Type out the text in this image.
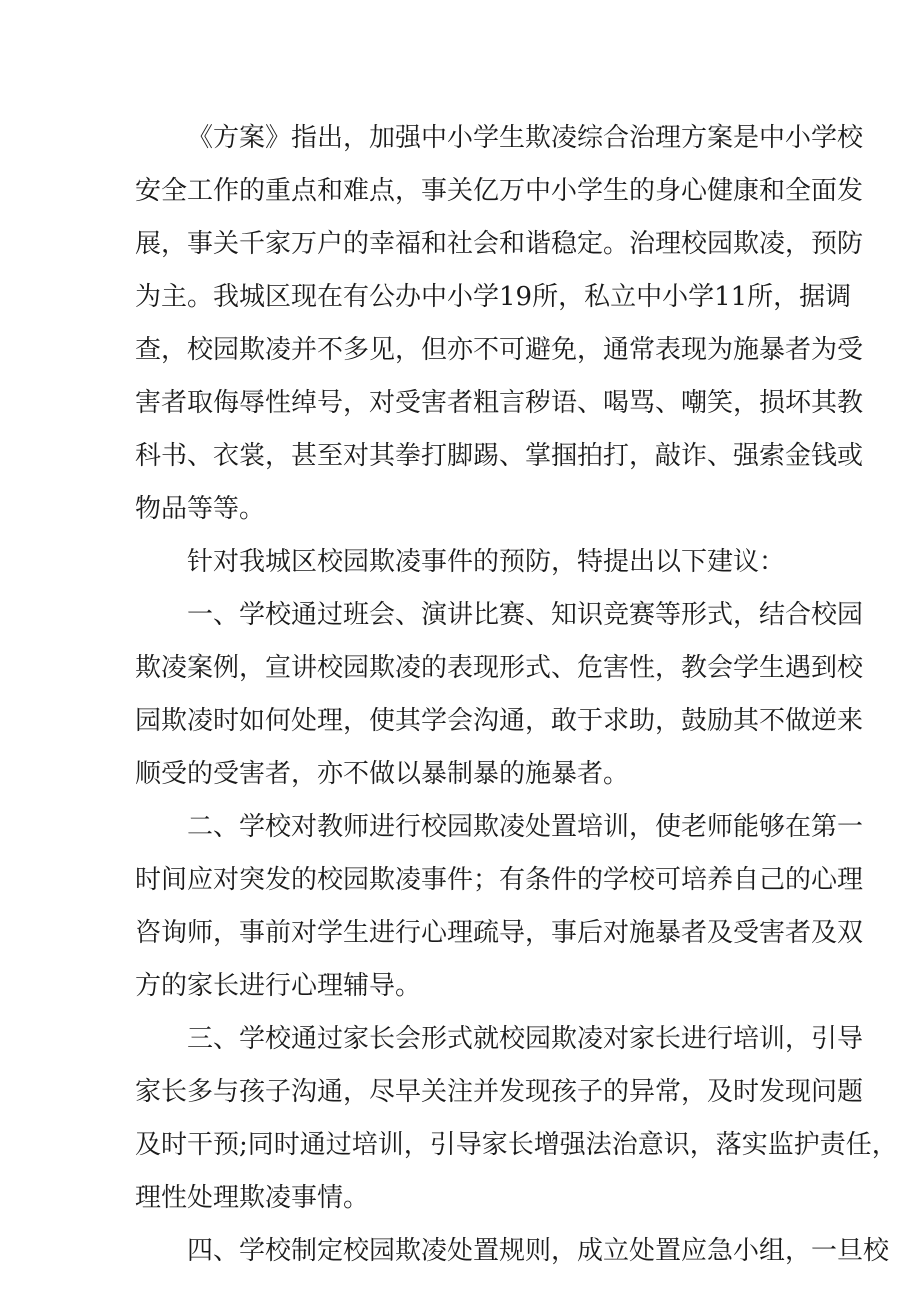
《方案》指出，加强中小学生欺凌综合治理方案是中小学校
安全工作的重点和难点，事关亿万中小学生的身心健康和全面发
展，事关千家万户的幸福和社会和谐稳定。治理校园欺凌，预防
为主。我城区现在有公办中小学19所，私立中小学11所，据调
查，校园欺凌并不多见，但亦不可避免，通常表现为施暴者为受
害者取侮辱性绰号，对受害者粗言秽语、喝骂、嘲笑，损坏其教
科书、衣裳，甚至对其拳打脚踢、掌掴拍打，敲诈、强索金钱或
物品等等。
针对我城区校园欺凌事件的预防，特提出以下建议：
一、学校通过班会、演讲比赛、知识竞赛等形式，结合校园
欺凌案例，宣讲校园欺凌的表现形式、危害性，教会学生遇到校
园欺凌时如何处理，使其学会沟通，敢于求助，鼓励其不做逆来
顺受的受害者，亦不做以暴制暴的施暴者。
二、学校对教师进行校园欺凌处置培训，使老师能够在第一
时间应对突发的校园欺凌事件；有条件的学校可培养自己的心理
咨询师，事前对学生进行心理疏导，事后对施暴者及受害者及双
方的家长进行心理辅导。
三、学校通过家长会形式就校园欺凌对家长进行培训，引导
家长多与孩子沟通，尽早关注并发现孩子的异常，及时发现问题
及时干预;同时通过培训，引导家长增强法治意识，落实监护责任，
理性处理欺凌事情。
四、学校制定校园欺凌处置规则，成立处置应急小组，一旦校
